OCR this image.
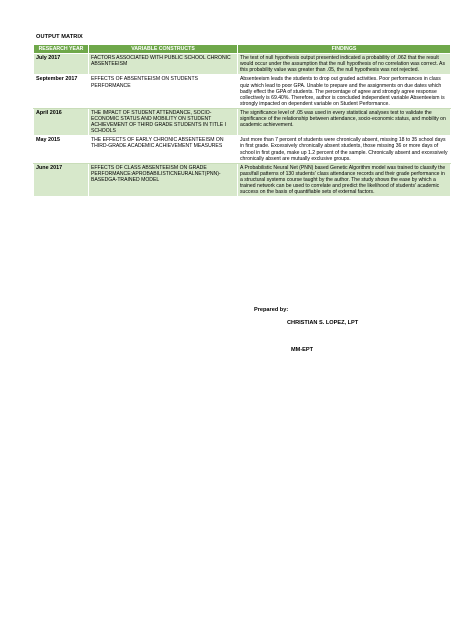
OUTPUT MATRIX
RESEARCH YEAR	VARIABLE CONSTRUCTS	FINDINGS
July 2017	FACTORS ASSOCIATED WITH PUBLIC SCHOOL CHRONIC ABSENTEEISM	The test of null hypothesis output presented indicated a probability of .062 that the result would occur under the assumption that the null hypothesis of no correlation was correct. As this probability value was greater than .05, the null hypothesis was not rejected.
September 2017	EFFECTS OF ABSENTEEISM ON STUDENTS PERFORMANCE	Absenteeism leads the students to drop out graded activities. Poor performances in class quiz which lead to poor GPA. Unable to prepare and the assignments on due dates which badly effect the GPA of students. The percentage of agree and strongly agree response collectively is 69.40%. Therefore, author is concluded independent variable Absenteeism is strongly impacted on dependent variable on Student Performance.
April 2016	THE IMPACT OF STUDENT ATTENDANCE, SOCIO-ECONOMIC STATUS AND MOBILITY ON STUDENT ACHIEVEMENT OF THIRD GRADE STUDENTS IN TITLE I SCHOOLS	The significance level of .05 was used in every statistical analyses test to validate the significance of the relationship between attendance, socio-economic status, and mobility on academic achievement.
May 2015	THE EFFECTS OF EARLY CHRONIC ABSENTEEISM ON THIRD-GRADE ACADEMIC ACHIEVEMENT MEASURES	Just more than 7 percent of students were chronically absent, missing 18 to 35 school days in first grade. Excessively chronically absent students, those missing 36 or more days of school in first grade, make up 1.2 percent of the sample. Chronically absent and excessively chronically absent are mutually exclusive groups.
June 2017	EFFECTS OF CLASS ABSENTEEISM ON GRADE PERFORMANCE:APROBABILISTICNEURALNET(PNN)-BASEDGA-TRAINED MODEL	A Probabilistic Neural Net (PNN) based Genetic Algorithm model was trained to classify the pass/fall patterns of 130 students' class attendance records and their grade performance in a structural systems course taught by the author. The study shows the ease by which a trained network can be used to correlate and predict the likelihood of students' academic success on the basis of quantifiable sets of external factors.
Prepared by:
CHRISTIAN S. LOPEZ, LPT
MM-EPT
